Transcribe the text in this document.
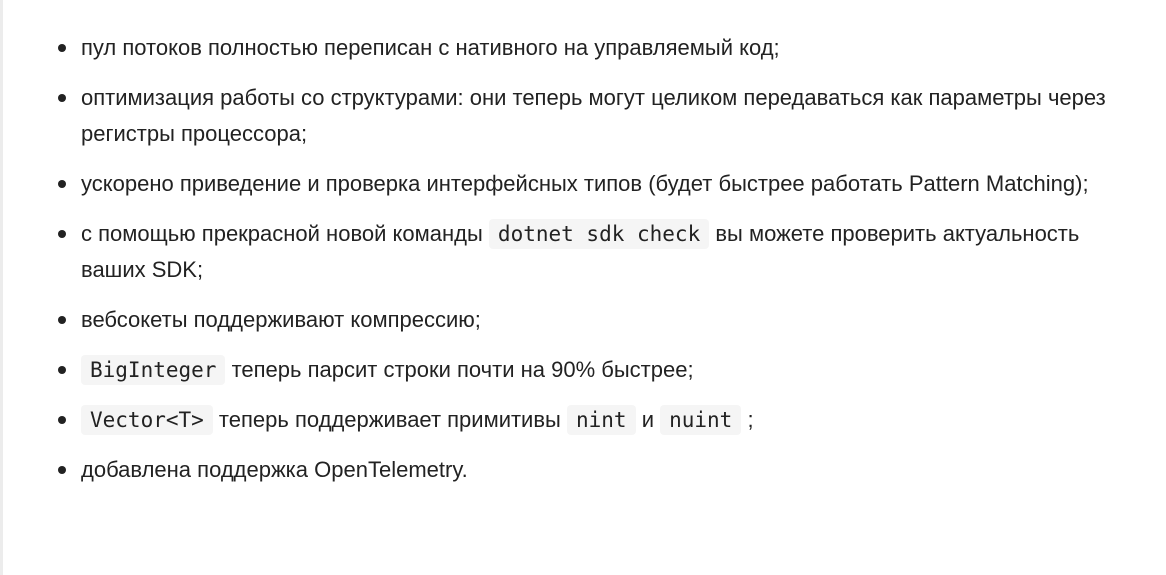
пул потоков полностью переписан с нативного на управляемый код;
оптимизация работы со структурами: они теперь могут целиком передаваться как параметры через регистры процессора;
ускорено приведение и проверка интерфейсных типов (будет быстрее работать Pattern Matching);
с помощью прекрасной новой команды dotnet sdk check вы можете проверить актуальность ваших SDK;
вебсокеты поддерживают компрессию;
BigInteger теперь парсит строки почти на 90% быстрее;
Vector<T> теперь поддерживает примитивы nint и nuint ;
добавлена поддержка OpenTelemetry.
